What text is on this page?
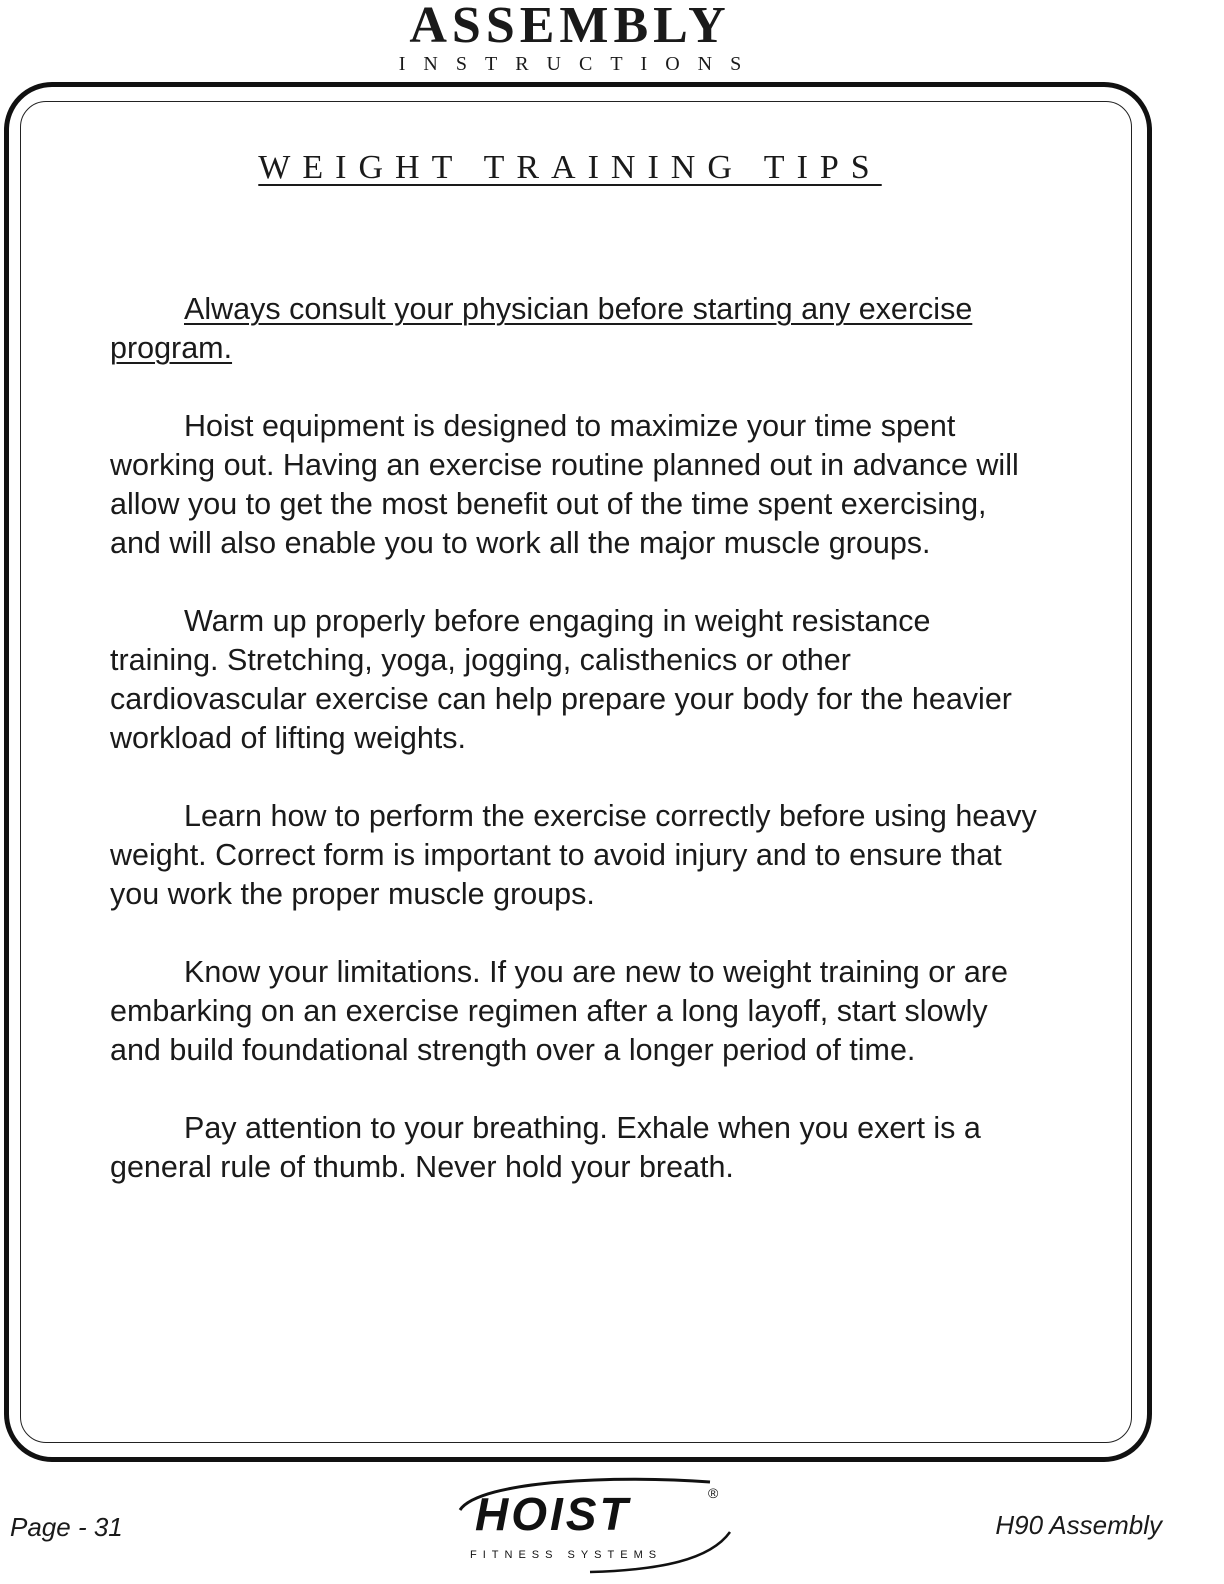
ASSEMBLY
INSTRUCTIONS
WEIGHT TRAINING TIPS

Always consult your physician before starting any exercise program.

Hoist equipment is designed to maximize your time spent working out. Having an exercise routine planned out in advance will allow you to get the most benefit out of the time spent exercising, and will also enable you to work all the major muscle groups.

Warm up properly before engaging in weight resistance training. Stretching, yoga, jogging, calisthenics or other cardiovascular exercise can help prepare your body for the heavier workload of lifting weights.

Learn how to perform the exercise correctly before using heavy weight. Correct form is important to avoid injury and to ensure that you work the proper muscle groups.

Know your limitations. If you are new to weight training or are embarking on an exercise regimen after a long layoff, start slowly and build foundational strength over a longer period of time.

Pay attention to your breathing. Exhale when you exert is a general rule of thumb. Never hold your breath.

Page - 31	HOIST	®
FITNESS SYSTEMS
H90 Assembly
